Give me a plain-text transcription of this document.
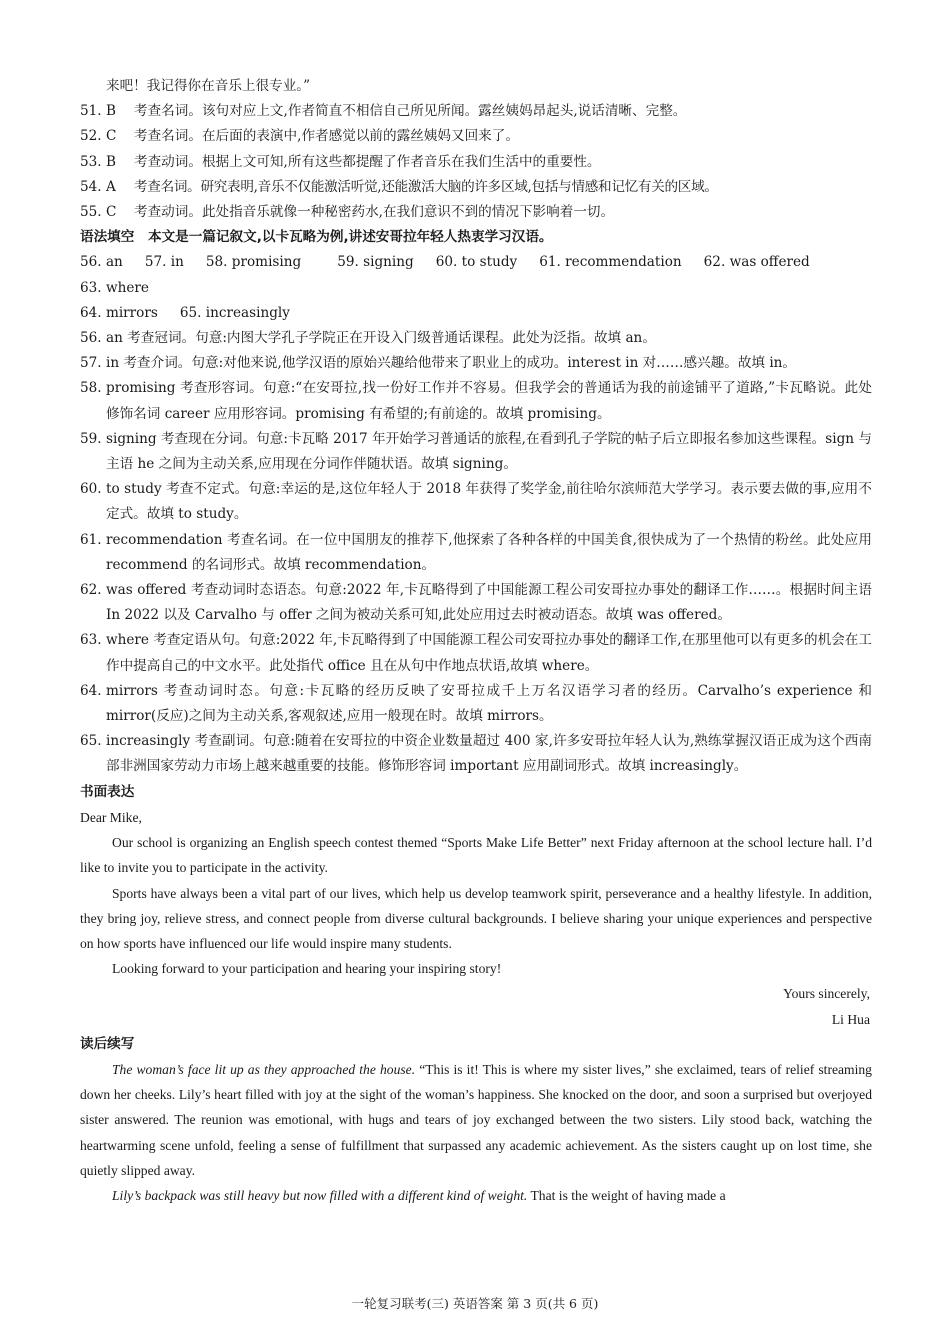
来吧！我记得你在音乐上很专业。”
51. B 考查名词。该句对应上文,作者简直不相信自己所见所闻。露丝姨妈昂起头,说话清晰、完整。
52. C 考查名词。在后面的表演中,作者感觉以前的露丝姨妈又回来了。
53. B 考查动词。根据上文可知,所有这些都提醒了作者音乐在我们生活中的重要性。
54. A 考查名词。研究表明,音乐不仅能激活听觉,还能激活大脑的许多区域,包括与情感和记忆有关的区域。
55. C 考查动词。此处指音乐就像一种秘密药水,在我们意识不到的情况下影响着一切。
语法填空　本文是一篇记叙文,以卡瓦略为例,讲述安哥拉年轻人热衷学习汉语。
56. an 57. in 58. promising	59. signing 60. to study 61. recommendation 62. was offered
63. where
64. mirrors 65. increasingly
56. an 考查冠词。句意:内图大学孔子学院正在开设入门级普通话课程。此处为泛指。故填 an。
57. in 考查介词。句意:对他来说,他学汉语的原始兴趣给他带来了职业上的成功。interest in 对……感兴趣。故填 in。
58. promising 考查形容词。句意:“在安哥拉,找一份好工作并不容易。但我学会的普通话为我的前途铺平了道路,”卡瓦略说。此处修饰名词 career 应用形容词。promising 有希望的;有前途的。故填 promising。
59. signing 考查现在分词。句意:卡瓦略 2017 年开始学习普通话的旅程,在看到孔子学院的帖子后立即报名参加这些课程。sign 与主语 he 之间为主动关系,应用现在分词作伴随状语。故填 signing。
60. to study 考查不定式。句意:幸运的是,这位年轻人于 2018 年获得了奖学金,前往哈尔滨师范大学学习。表示要去做的事,应用不定式。故填 to study。
61. recommendation 考查名词。在一位中国朋友的推荐下,他探索了各种各样的中国美食,很快成为了一个热情的粉丝。此处应用 recommend 的名词形式。故填 recommendation。
62. was offered 考查动词时态语态。句意:2022 年,卡瓦略得到了中国能源工程公司安哥拉办事处的翻译工作……。根据时间主语 In 2022 以及 Carvalho 与 offer 之间为被动关系可知,此处应用过去时被动语态。故填 was offered。
63. where 考查定语从句。句意:2022 年,卡瓦略得到了中国能源工程公司安哥拉办事处的翻译工作,在那里他可以有更多的机会在工作中提高自己的中文水平。此处指代 office 且在从句中作地点状语,故填 where。
64. mirrors 考查动词时态。句意:卡瓦略的经历反映了安哥拉成千上万名汉语学习者的经历。Carvalho’s experience 和 mirror(反应)之间为主动关系,客观叙述,应用一般现在时。故填 mirrors。
65. increasingly 考查副词。句意:随着在安哥拉的中资企业数量超过 400 家,许多安哥拉年轻人认为,熟练掌握汉语正成为这个西南部非洲国家劳动力市场上越来越重要的技能。修饰形容词 important 应用副词形式。故填 increasingly。
书面表达
Dear Mike,
Our school is organizing an English speech contest themed “Sports Make Life Better” next Friday afternoon at the school lecture hall. I’d like to invite you to participate in the activity.
Sports have always been a vital part of our lives, which help us develop teamwork spirit, perseverance and a healthy lifestyle. In addition, they bring joy, relieve stress, and connect people from diverse cultural backgrounds. I believe sharing your unique experiences and perspective on how sports have influenced our life would inspire many students.
Looking forward to your participation and hearing your inspiring story!
Yours sincerely,
Li Hua
读后续写
The woman’s face lit up as they approached the house. “This is it! This is where my sister lives,” she exclaimed, tears of relief streaming down her cheeks. Lily’s heart filled with joy at the sight of the woman’s happiness. She knocked on the door, and soon a surprised but overjoyed sister answered. The reunion was emotional, with hugs and tears of joy exchanged between the two sisters. Lily stood back, watching the heartwarming scene unfold, feeling a sense of fulfillment that surpassed any academic achievement. As the sisters caught up on lost time, she quietly slipped away.
Lily’s backpack was still heavy but now filled with a different kind of weight. That is the weight of having made a
一轮复习联考(三) 英语答案 第 3 页(共 6 页)
